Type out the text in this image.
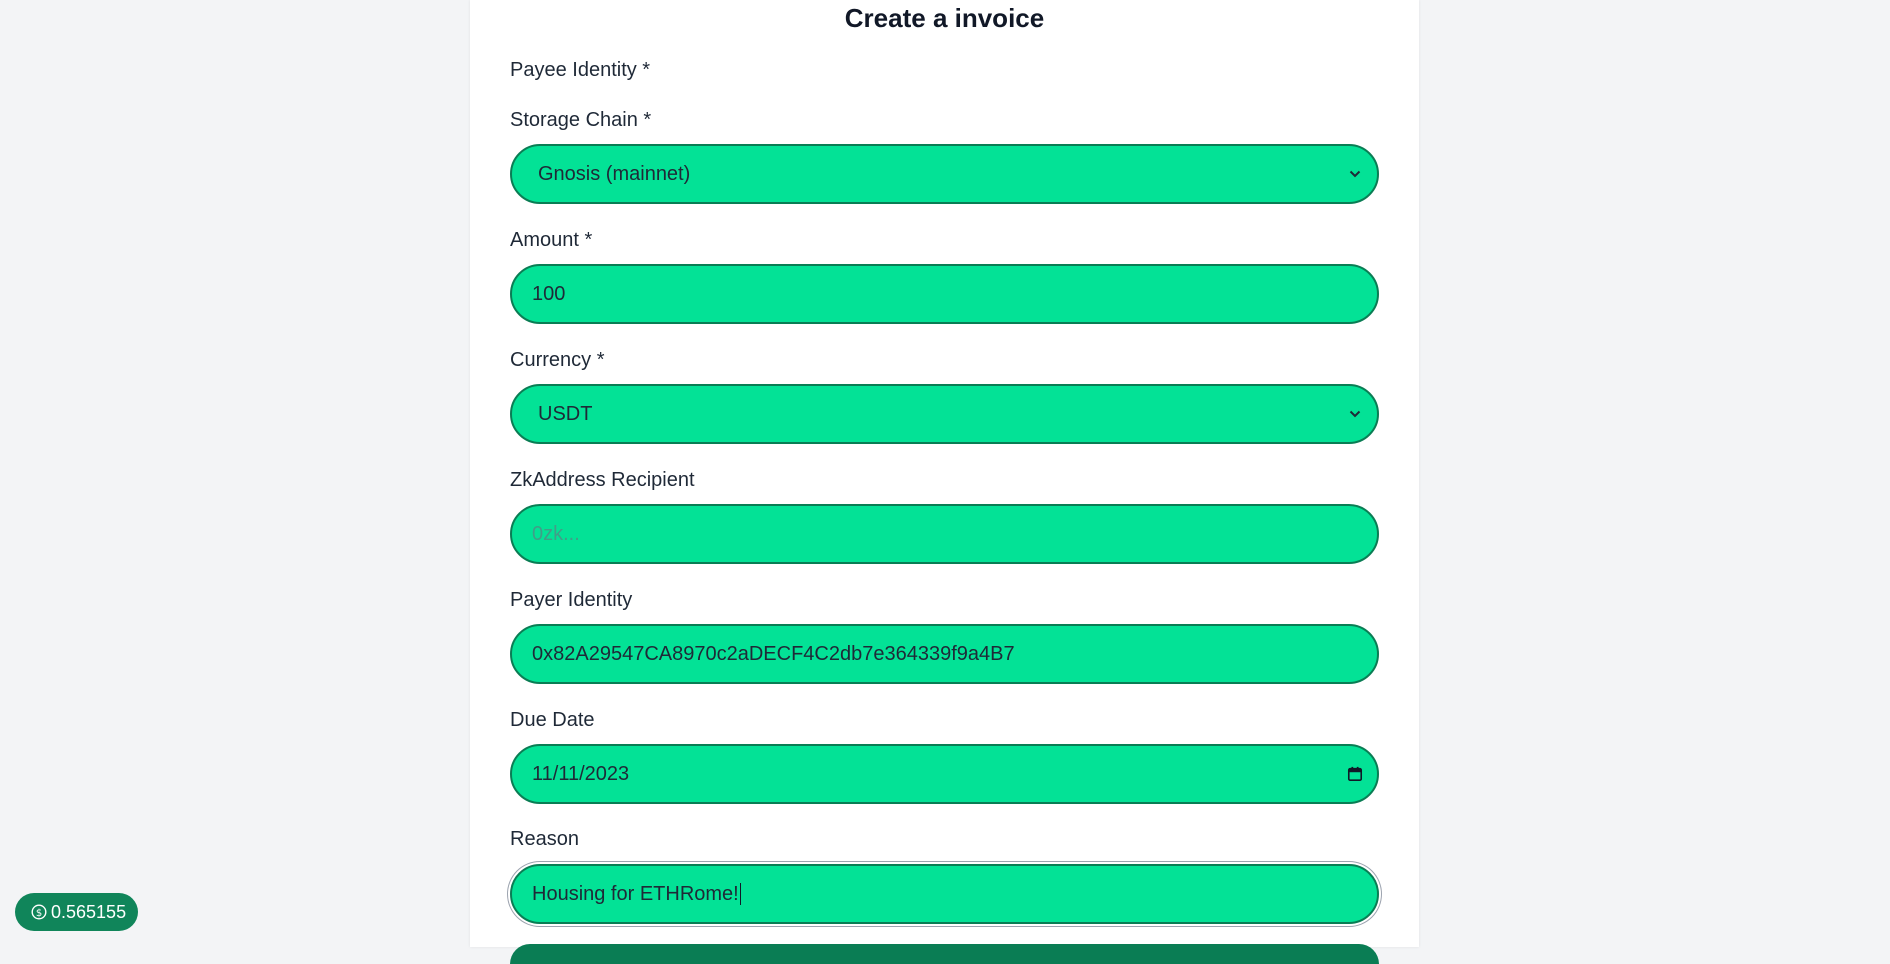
Create a invoice
Payee Identity *
Storage Chain *
Gnosis (mainnet)
Amount *
100
Currency *
USDT
ZkAddress Recipient
0zk...
Payer Identity
0x82A29547CA8970c2aDECF4C2db7e364339f9a4B7
Due Date
11/11/2023
Reason
Housing for ETHRome!
$ 0.565155
